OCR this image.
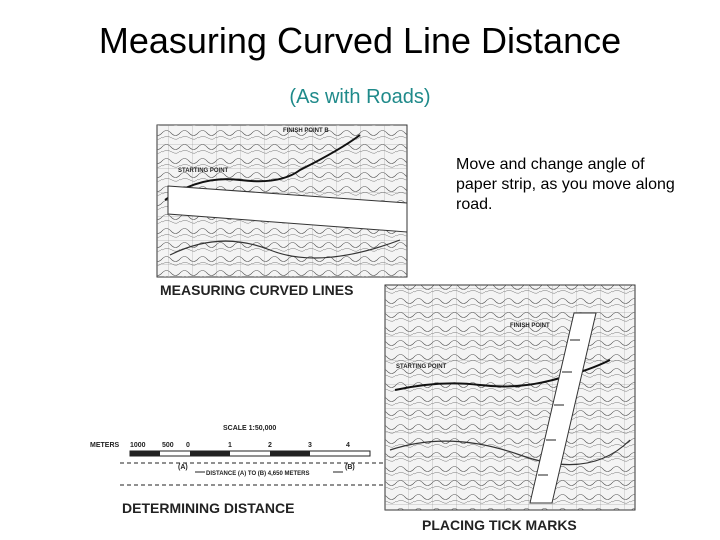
Measuring Curved Line Distance
(As with Roads)
Move and change angle of paper strip, as you move along road.
STARTING POINT
FINISH POINT B
MEASURING CURVED LINES
STARTING POINT
FINISH POINT
PLACING TICK MARKS
SCALE 1:50,000
METERS 1000 500 0	1	2	3	4
(A)	(B)
DISTANCE (A) TO (B) 4,650 METERS
DETERMINING DISTANCE
